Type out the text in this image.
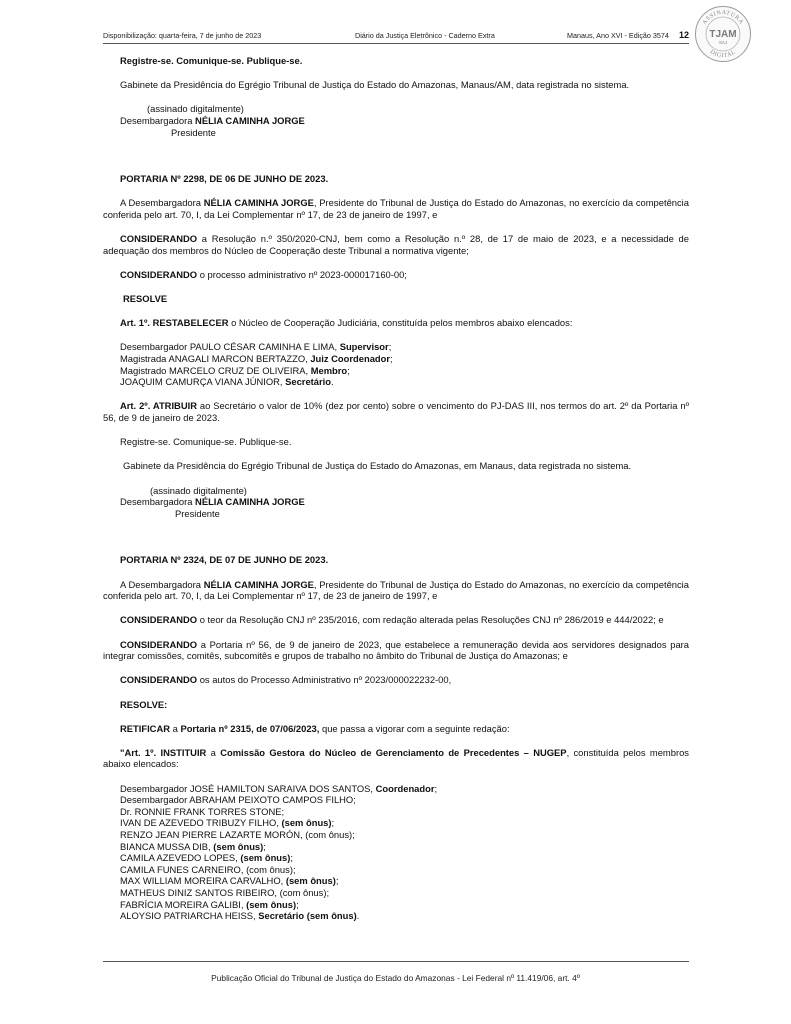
Disponibilização: quarta-feira, 7 de junho de 2023	Diário da Justiça Eletrônico - Caderno Extra	Manaus, Ano XVI - Edição 3574 12
ASSINATURA
DIGITAL
TJAM
SAJ

Registre-se. Comunique-se. Publique-se.

Gabinete da Presidência do Egrégio Tribunal de Justiça do Estado do Amazonas, Manaus/AM, data registrada no sistema.

(assinado digitalmente)

Desembargadora NÉLIA CAMINHA JORGE

Presidente

PORTARIA Nº 2298, DE 06 DE JUNHO DE 2023.

A Desembargadora NÉLIA CAMINHA JORGE, Presidente do Tribunal de Justiça do Estado do Amazonas, no exercício da competência conferida pelo art. 70, I, da Lei Complementar nº 17, de 23 de janeiro de 1997, e

CONSIDERANDO a Resolução n.º 350/2020-CNJ, bem como a Resolução n.º 28, de 17 de maio de 2023, e a necessidade de adequação dos membros do Núcleo de Cooperação deste Tribunal a normativa vigente;

CONSIDERANDO o processo administrativo nº 2023-000017160-00;

RESOLVE

Art. 1º. RESTABELECER o Núcleo de Cooperação Judiciária, constituída pelos membros abaixo elencados:

Desembargador PAULO CÉSAR CAMINHA E LIMA, Supervisor;

Magistrada ANAGALI MARCON BERTAZZO, Juiz Coordenador;

Magistrado MARCELO CRUZ DE OLIVEIRA, Membro;

JOAQUIM CAMURÇA VIANA JÚNIOR, Secretário.

Art. 2º. ATRIBUIR ao Secretário o valor de 10% (dez por cento) sobre o vencimento do PJ-DAS III, nos termos do art. 2º da Portaria nº 56, de 9 de janeiro de 2023.

Registre-se. Comunique-se. Publique-se.

Gabinete da Presidência do Egrégio Tribunal de Justiça do Estado do Amazonas, em Manaus, data registrada no sistema.

(assinado digitalmente)

Desembargadora NÉLIA CAMINHA JORGE

Presidente

PORTARIA Nº 2324, DE 07 DE JUNHO DE 2023.

A Desembargadora NÉLIA CAMINHA JORGE, Presidente do Tribunal de Justiça do Estado do Amazonas, no exercício da competência conferida pelo art. 70, I, da Lei Complementar nº 17, de 23 de janeiro de 1997, e

CONSIDERANDO o teor da Resolução CNJ nº 235/2016, com redação alterada pelas Resoluções CNJ nº 286/2019 e 444/2022; e

CONSIDERANDO a Portaria nº 56, de 9 de janeiro de 2023, que estabelece a remuneração devida aos servidores designados para integrar comissões, comitês, subcomitês e grupos de trabalho no âmbito do Tribunal de Justiça do Amazonas; e

CONSIDERANDO os autos do Processo Administrativo nº 2023/000022232-00,

RESOLVE:

RETIFICAR a Portaria nº 2315, de 07/06/2023, que passa a vigorar com a seguinte redação:

"Art. 1º. INSTITUIR a Comissão Gestora do Núcleo de Gerenciamento de Precedentes – NUGEP, constituída pelos membros abaixo elencados:

Desembargador JOSÉ HAMILTON SARAIVA DOS SANTOS, Coordenador;

Desembargador ABRAHAM PEIXOTO CAMPOS FILHO;

Dr. RONNIE FRANK TORRES STONE;

IVAN DE AZEVEDO TRIBUZY FILHO, (sem ônus);

RENZO JEAN PIERRE LAZARTE MORÓN, (com ônus);

BIANCA MUSSA DIB, (sem ônus);

CAMILA AZEVEDO LOPES, (sem ônus);

CAMILA FUNES CARNEIRO, (com ônus);

MAX WILLIAM MOREIRA CARVALHO, (sem ônus);

MATHEUS DINIZ SANTOS RIBEIRO, (com ônus);

FABRÍCIA MOREIRA GALIBI, (sem ônus);

ALOYSIO PATRIARCHA HEISS, Secretário (sem ônus).

Publicação Oficial do Tribunal de Justiça do Estado do Amazonas - Lei Federal nº 11.419/06, art. 4º
